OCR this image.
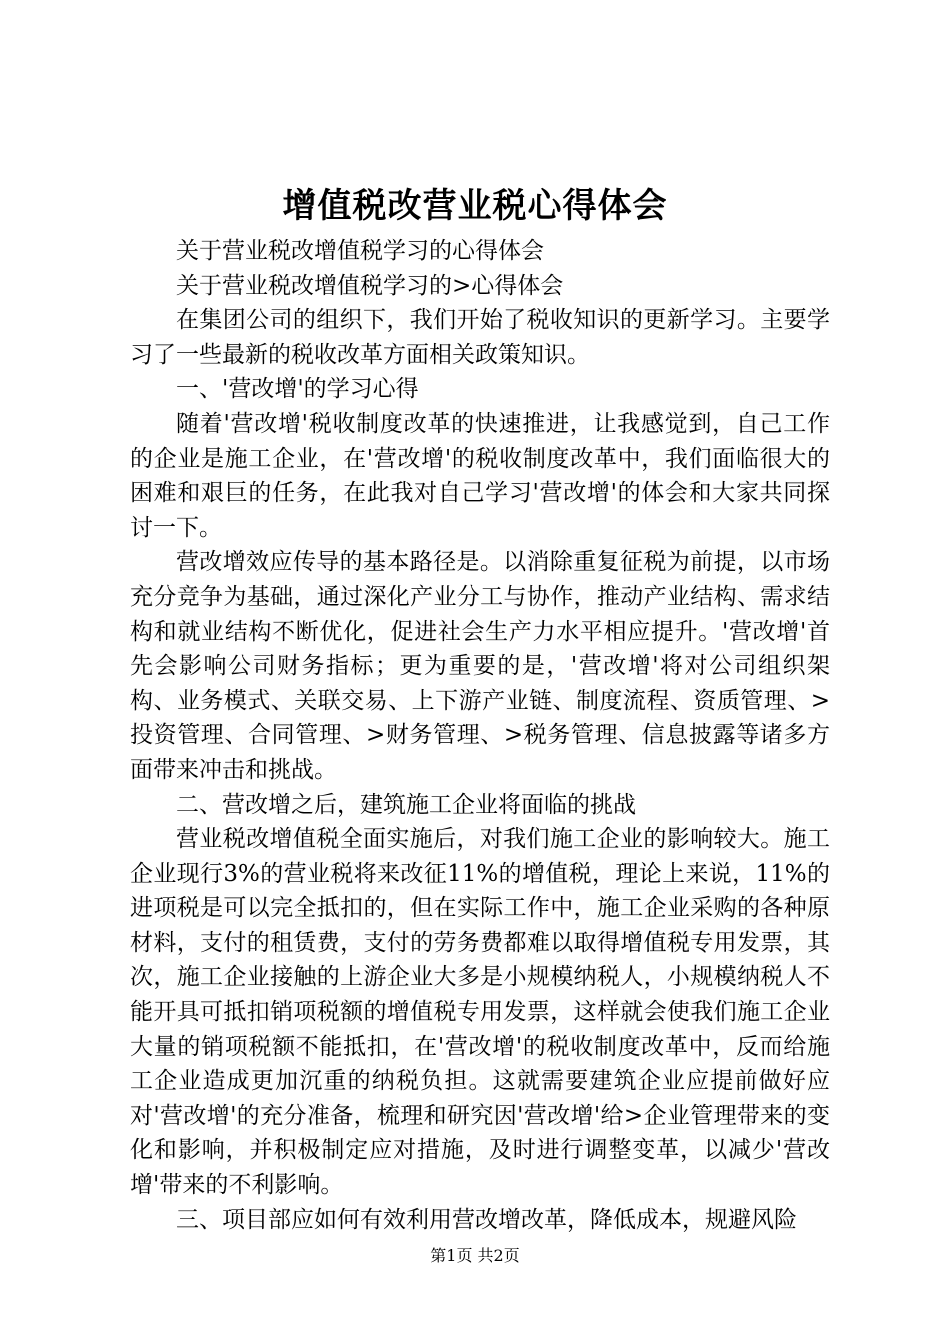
增值税改营业税心得体会

关于营业税改增值税学习的心得体会

关于营业税改增值税学习的>心得体会

在集团公司的组织下，我们开始了税收知识的更新学习。主要学习了一些最新的税收改革方面相关政策知识。

一、'营改增'的学习心得

随着'营改增'税收制度改革的快速推进，让我感觉到，自己工作的企业是施工企业，在'营改增'的税收制度改革中，我们面临很大的困难和艰巨的任务，在此我对自己学习'营改增'的体会和大家共同探讨一下。

营改增效应传导的基本路径是。以消除重复征税为前提，以市场充分竞争为基础，通过深化产业分工与协作，推动产业结构、需求结构和就业结构不断优化，促进社会生产力水平相应提升。'营改增'首先会影响公司财务指标；更为重要的是，'营改增'将对公司组织架构、业务模式、关联交易、上下游产业链、制度流程、资质管理、>投资管理、合同管理、>财务管理、>税务管理、信息披露等诸多方面带来冲击和挑战。

二、营改增之后，建筑施工企业将面临的挑战

营业税改增值税全面实施后，对我们施工企业的影响较大。施工企业现行3%的营业税将来改征11%的增值税，理论上来说，11%的进项税是可以完全抵扣的，但在实际工作中，施工企业采购的各种原材料，支付的租赁费，支付的劳务费都难以取得增值税专用发票，其次，施工企业接触的上游企业大多是小规模纳税人，小规模纳税人不能开具可抵扣销项税额的增值税专用发票，这样就会使我们施工企业大量的销项税额不能抵扣，在'营改增'的税收制度改革中，反而给施工企业造成更加沉重的纳税负担。这就需要建筑企业应提前做好应对'营改增'的充分准备，梳理和研究因'营改增'给>企业管理带来的变化和影响，并积极制定应对措施，及时进行调整变革，以减少'营改增'带来的不利影响。

三、项目部应如何有效利用营改增改革，降低成本，规避风险

第1页 共2页
